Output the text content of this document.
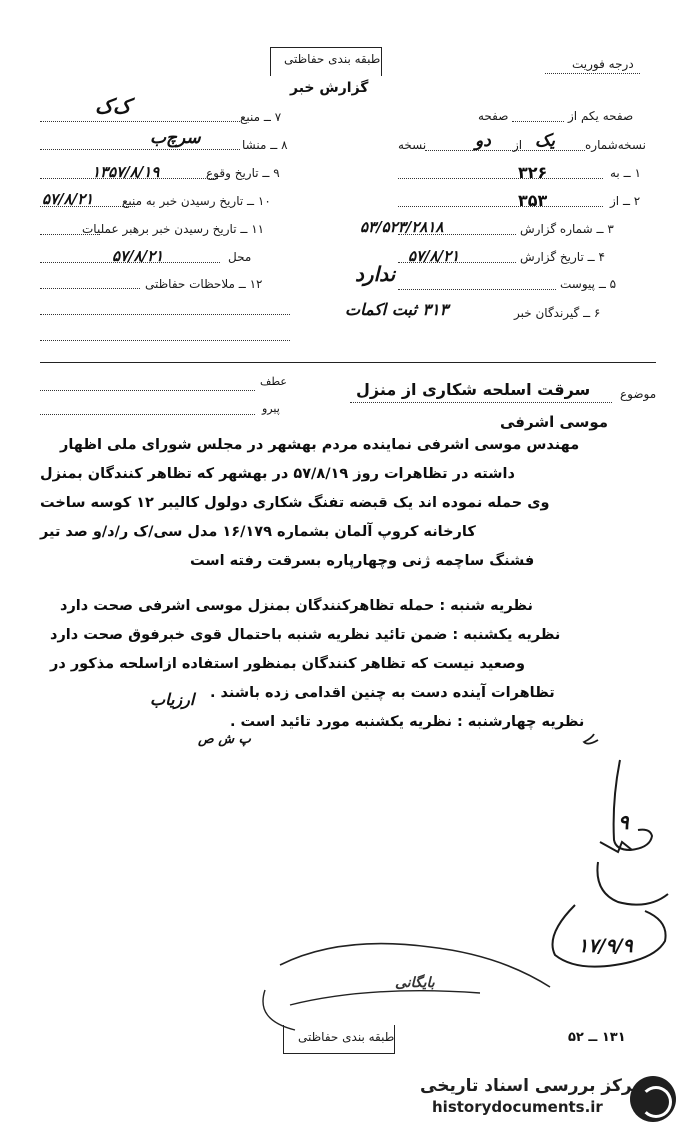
طبقه بندی حفاظتی
گزارش خبر
درجه فوریت
۷ ــ منبع
ک‌ک
۸ ــ منشا
سرچ‌ب
۹ ــ تاریخ وقوع
۱۳۵۷/۸/۱۹
۱۰ ــ تاریخ رسیدن خبر به منبع
۵۷/۸/۲۱
۱۱ ــ تاریخ رسیدن خبر برهبر عملیات
محل
۵۷/۸/۲۱
۱۲ ــ ملاحظات حفاظتی
صفحه یکم از
صفحه
نسخه‌شماره
یک
از
دو
نسخه
۱ ــ به
۳۲۶
۲ ــ از
۳۵۳
۳ ــ شماره گزارش
۵۳/۵۲۳/۲۸۱۸
۴ ــ تاریخ گزارش
۵۷/۸/۲۱
۵ ــ پیوست
ندارد
۶ ــ گیرندگان خبر
۳۱۳ ثبت اکمات
موضوع
سرقت اسلحه شکاری از منزل
موسی اشرفی
عطف
پیرو
مهندس موسی اشرفی نماینده مردم بهشهر در مجلس شورای ملی اظهار
داشته در تظاهرات روز ۵۷/۸/۱۹ در بهشهر که تظاهر کنندگان بمنزل
وی حمله نموده اند یک قبضه تفنگ شکاری دولول کالیبر ۱۲ کوسه ساخت
کارخانه کروپ آلمان بشماره ۱۶/۱۷۹ مدل سی/ک ر/د/و صد تیر
فشنگ ساچمه ژنی وچهارپاره بسرقت رفته است
نظریه شنبه : حمله تظاهرکنندگان بمنزل موسی اشرفی صحت دارد
نظریه یکشنبه : ضمن تائید نظریه شنبه باحتمال قوی خبرفوق صحت دارد
وصعید نیست که تظاهر کنندگان بمنظور استفاده ازاسلحه مذکور در
تظاهرات آینده دست به چنین اقدامی زده باشند .
نظریه چهارشنبه : نظریه یکشنبه مورد تائید است .
ارزیاب
پ ش ص
۹
۱۷/۹/۹
بایگانی
طبقه بندی حفاظتی	۱۳۱ ــ ۵۲
مرکز بررسی اسناد تاریخی
historydocuments.ir
